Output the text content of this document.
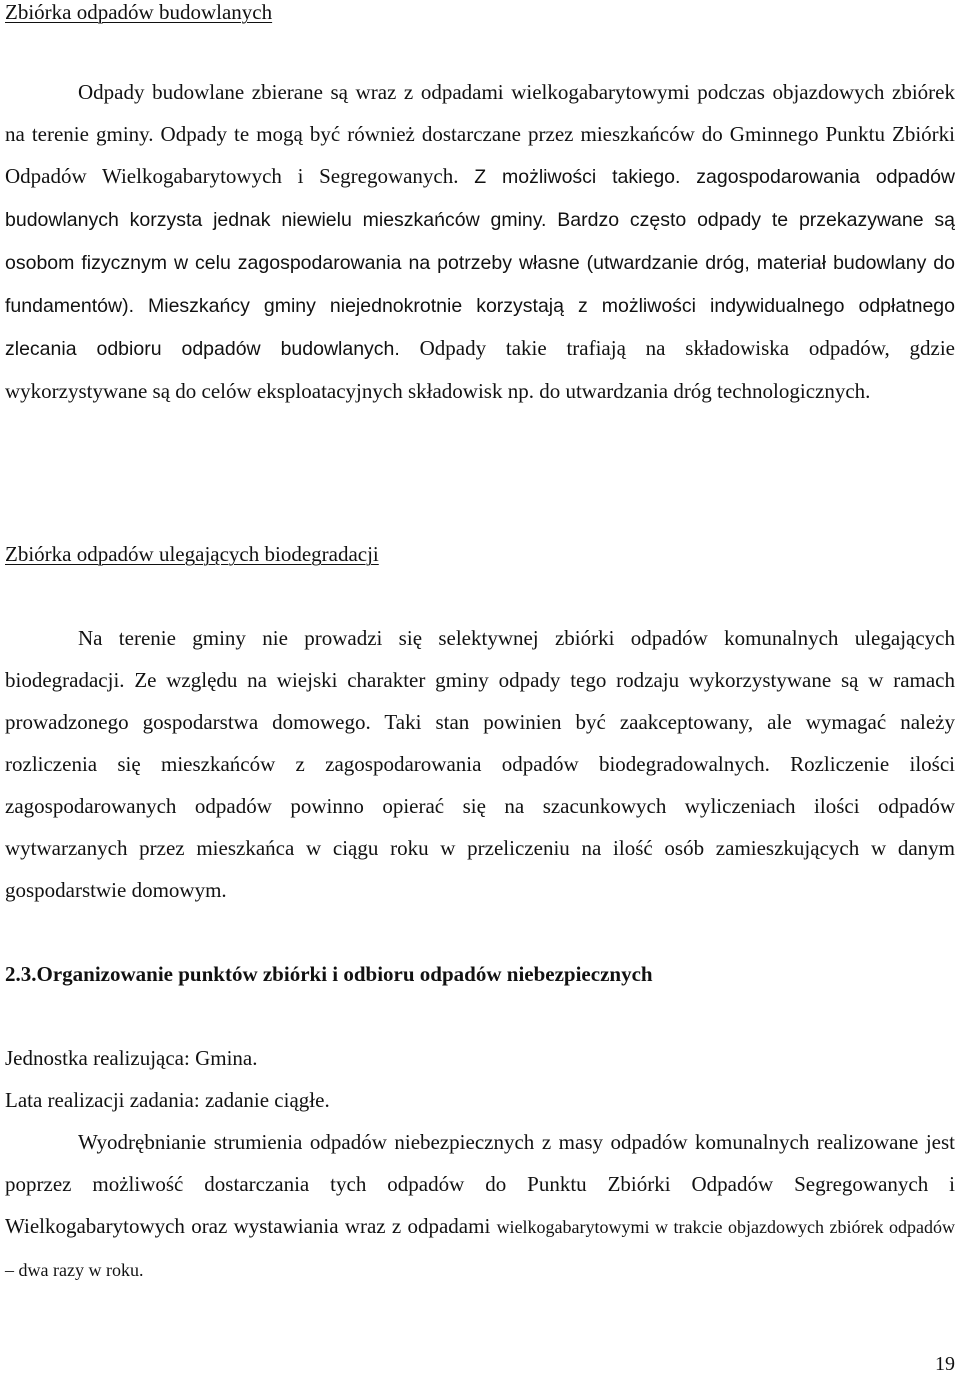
Zbiórka odpadów budowlanych

Odpady budowlane zbierane są wraz z odpadami wielkogabarytowymi podczas objazdowych zbiórek na terenie gminy. Odpady te mogą być również dostarczane przez mieszkańców do Gminnego Punktu Zbiórki Odpadów Wielkogabarytowych i Segregowanych. Z możliwości takiego. zagospodarowania odpadów budowlanych korzysta jednak niewielu mieszkańców gminy. Bardzo często odpady te przekazywane są osobom fizycznym w celu zagospodarowania na potrzeby własne (utwardzanie dróg, materiał budowlany do fundamentów). Mieszkańcy gminy niejednokrotnie korzystają z możliwości indywidualnego odpłatnego zlecania odbioru odpadów budowlanych. Odpady takie trafiają na składowiska odpadów, gdzie wykorzystywane są do celów eksploatacyjnych składowisk np. do utwardzania dróg technologicznych.

Zbiórka odpadów ulegających biodegradacji

Na terenie gminy nie prowadzi się selektywnej zbiórki odpadów komunalnych ulegających biodegradacji. Ze względu na wiejski charakter gminy odpady tego rodzaju wykorzystywane są w ramach prowadzonego gospodarstwa domowego. Taki stan powinien być zaakceptowany, ale wymagać należy rozliczenia się mieszkańców z zagospodarowania odpadów biodegradowalnych. Rozliczenie ilości zagospodarowanych odpadów powinno opierać się na szacunkowych wyliczeniach ilości odpadów wytwarzanych przez mieszkańca w ciągu roku w przeliczeniu na ilość osób zamieszkujących w danym gospodarstwie domowym.

2.3.Organizowanie punktów zbiórki i odbioru odpadów niebezpiecznych
Jednostka realizująca: Gmina.
Lata realizacji zadania: zadanie ciągłe.

Wyodrębnianie strumienia odpadów niebezpiecznych z masy odpadów komunalnych realizowane jest poprzez możliwość dostarczania tych odpadów do Punktu Zbiórki Odpadów Segregowanych i Wielkogabarytowych oraz wystawiania wraz z odpadami wielkogabarytowymi w trakcie objazdowych zbiórek odpadów – dwa razy w roku.

19
